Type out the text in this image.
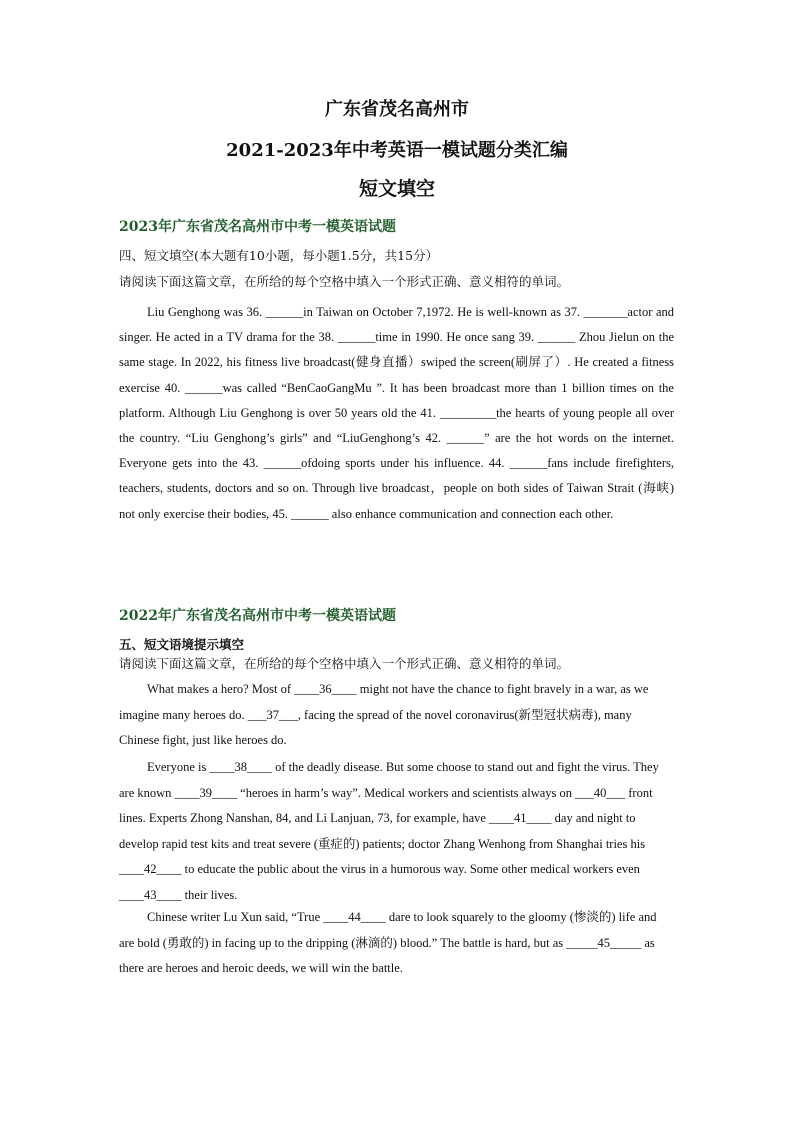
广东省茂名高州市
2021-2023年中考英语一模试题分类汇编
短文填空
2023年广东省茂名高州市中考一模英语试题
四、短文填空(本大题有10小题，每小题1.5分，共15分）
请阅读下面这篇文章，在所给的每个空格中填入一个形式正确、意义相符的单词。
Liu Genghong was 36. ______in Taiwan on October 7,1972. He is well-known as 37. _______actor and singer. He acted in a TV drama for the 38. ______time in 1990. He once sang 39. ______ Zhou Jielun on the same stage. In 2022, his fitness live broadcast(健身直播）swiped the screen(刷屏了）. He created a fitness exercise 40. ______was called “BenCaoGangMu ”. It has been broadcast more than 1 billion times on the platform. Although Liu Genghong is over 50 years old the 41. _________the hearts of young people all over the country. “Liu Genghong’s girls” and “LiuGenghong’s 42. ______” are the hot words on the internet. Everyone gets into the 43. ______ofdoing sports under his influence. 44. ______fans include firefighters, teachers, students, doctors and so on. Through live broadcast，people on both sides of Taiwan Strait (海峡) not only exercise their bodies, 45. ______ also enhance communication and connection each other.
2022年广东省茂名高州市中考一模英语试题
五、短文语境提示填空
请阅读下面这篇文章，在所给的每个空格中填入一个形式正确、意义相符的单词。
What makes a hero? Most of ____36____ might not have the chance to fight bravely in a war, as we imagine many heroes do. ___37___, facing the spread of the novel coronavirus(新型冠状病毒), many Chinese fight, just like heroes do.
Everyone is ____38____ of the deadly disease. But some choose to stand out and fight the virus. They are known ____39____ “heroes in harm’s way”. Medical workers and scientists always on ___40___ front lines. Experts Zhong Nanshan, 84, and Li Lanjuan, 73, for example, have ____41____ day and night to develop rapid test kits and treat severe (重症的) patients; doctor Zhang Wenhong from Shanghai tries his ____42____ to educate the public about the virus in a humorous way. Some other medical workers even ____43____ their lives.
Chinese writer Lu Xun said, “True ____44____ dare to look squarely to the gloomy (惨淡的) life and are bold (勇敢的) in facing up to the dripping (淋滴的) blood.” The battle is hard, but as _____45_____ as there are heroes and heroic deeds, we will win the battle.
